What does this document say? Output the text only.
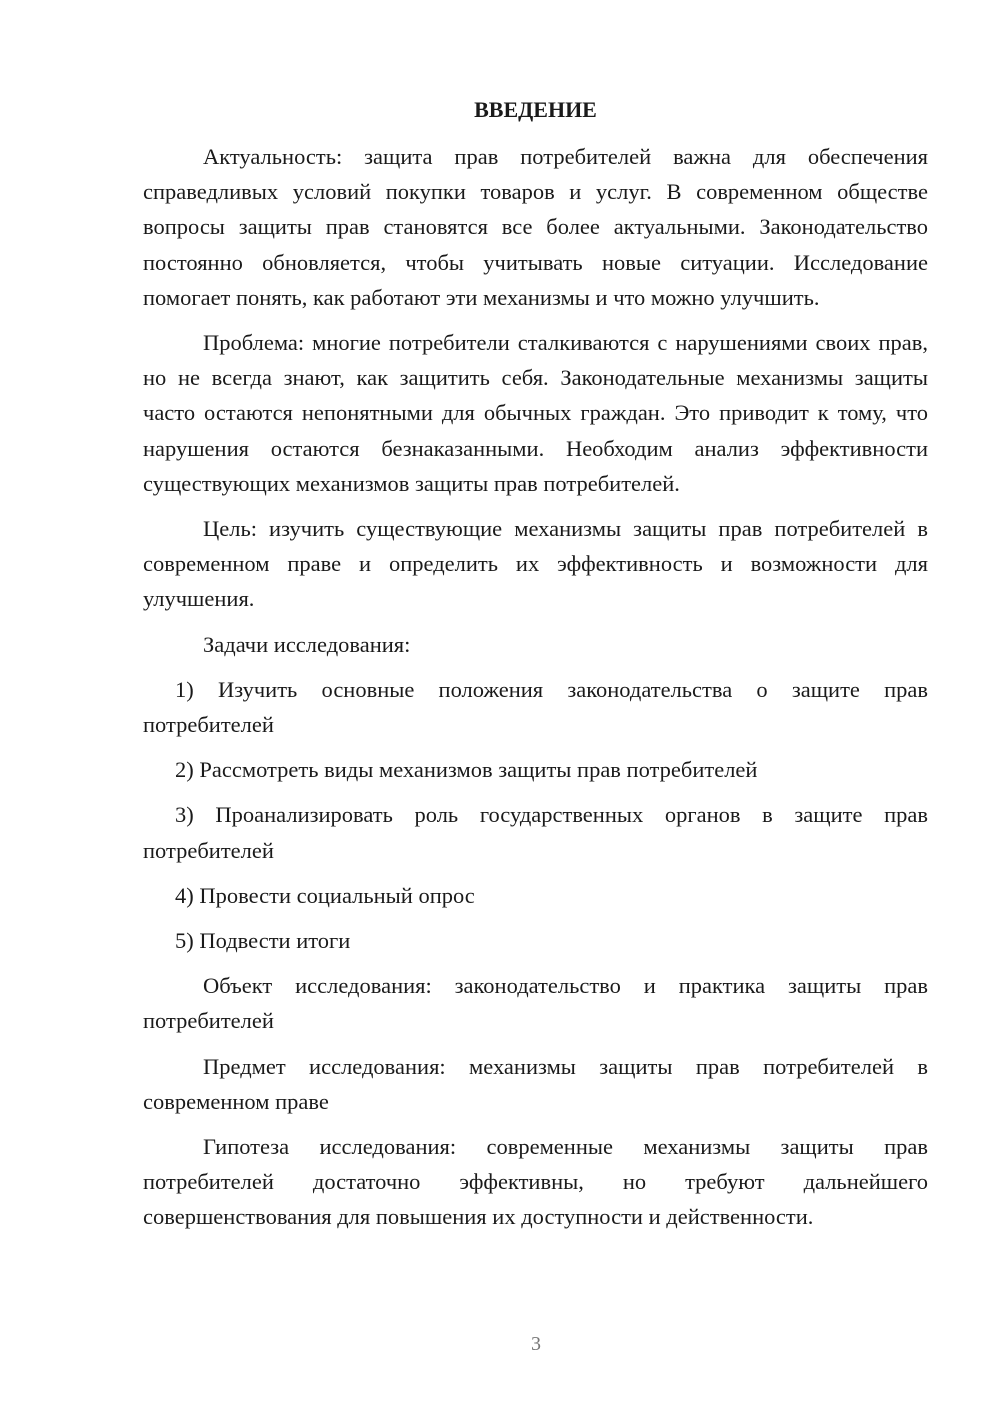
ВВЕДЕНИЕ

Актуальность: защита прав потребителей важна для обеспечения справедливых условий покупки товаров и услуг. В современном обществе вопросы защиты прав становятся все более актуальными. Законодательство постоянно обновляется, чтобы учитывать новые ситуации. Исследование помогает понять, как работают эти механизмы и что можно улучшить.

Проблема: многие потребители сталкиваются с нарушениями своих прав, но не всегда знают, как защитить себя. Законодательные механизмы защиты часто остаются непонятными для обычных граждан. Это приводит к тому, что нарушения остаются безнаказанными. Необходим анализ эффективности существующих механизмов защиты прав потребителей.

Цель: изучить существующие механизмы защиты прав потребителей в современном праве и определить их эффективность и возможности для улучшения.

Задачи исследования:

1) Изучить основные положения законодательства о защите прав потребителей

2) Рассмотреть виды механизмов защиты прав потребителей

3) Проанализировать роль государственных органов в защите прав потребителей

4) Провести социальный опрос

5) Подвести итоги

Объект исследования: законодательство и практика защиты прав потребителей

Предмет исследования: механизмы защиты прав потребителей в современном праве

Гипотеза исследования: современные механизмы защиты прав потребителей достаточно эффективны, но требуют дальнейшего совершенствования для повышения их доступности и действенности.

3
